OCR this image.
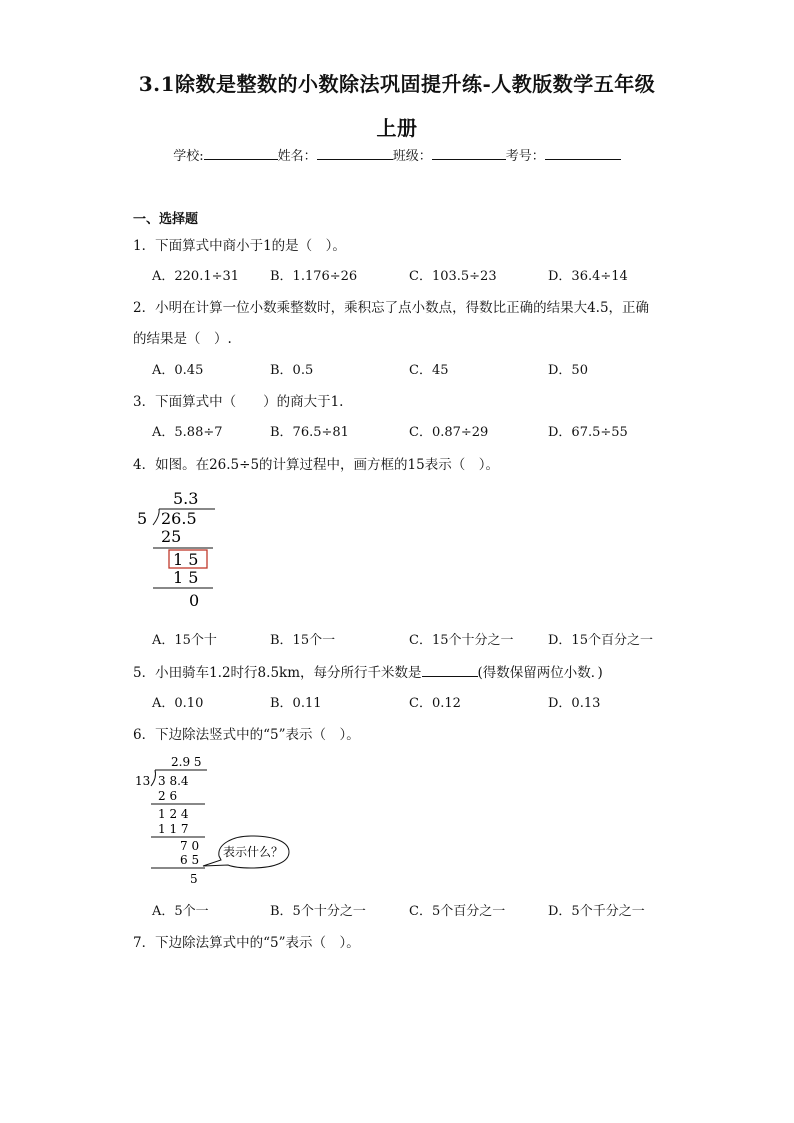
3.1除数是整数的小数除法巩固提升练-人教版数学五年级
上册
学校:	姓名：	班级：	考号：
一、选择题
1．下面算式中商小于1的是（　）。
A．220.1÷31 B．1.176÷26	C．103.5÷23	D．36.4÷14
2．小明在计算一位小数乘整数时，乘积忘了点小数点，得数比正确的结果大4.5，正确
的结果是（　）.
A．0.45	B．0.5	C．45	D．50
3．下面算式中（　　）的商大于1.
A．5.88÷7	B．76.5÷81	C．0.87÷29	D．67.5÷55
4．如图。在26.5÷5的计算过程中，画方框的15表示（　）。
5.3
5 26.5
25
1 5
1 5
0
A．15个十	B．15个一	C．15个十分之一	D．15个百分之一
5．小田骑车1.2时行8.5km，每分所行千米数是	(得数保留两位小数．)
A．0.10	B．0.11	C．0.12	D．0.13
6．下边除法竖式中的“5”表示（　）。
2.9 5
13 3 8.4
2 6
1 2 4
1 1 7
7 0
6 5
5
表示什么？
A．5个一	B．5个十分之一	C．5个百分之一	D．5个千分之一
7．下边除法算式中的“5”表示（　）。
